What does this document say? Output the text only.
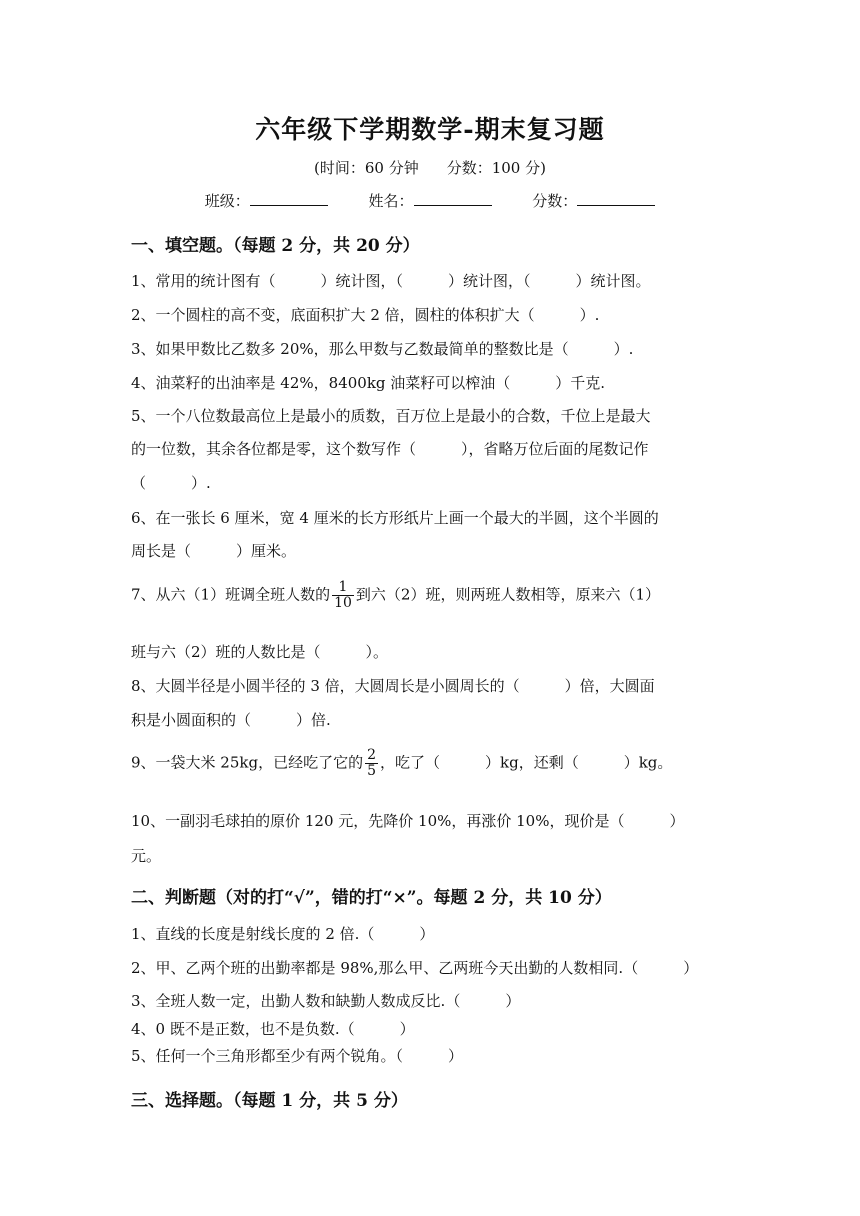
六年级下学期数学-期末复习题
(时间：60 分钟 分数：100 分)
班级：	姓名：	分数：
一、填空题。（每题 2 分，共 20 分）
1、常用的统计图有（　　　）统计图，（　　　）统计图，（　　　）统计图。
2、一个圆柱的高不变，底面积扩大 2 倍，圆柱的体积扩大（　　　）.
3、如果甲数比乙数多 20%，那么甲数与乙数最简单的整数比是（　　　）.
4、油菜籽的出油率是 42%，8400kg 油菜籽可以榨油（　　　）千克.
5、一个八位数最高位上是最小的质数，百万位上是最小的合数，千位上是最大
的一位数，其余各位都是零，这个数写作（　　　），省略万位后面的尾数记作
（　　　）.
6、在一张长 6 厘米，宽 4 厘米的长方形纸片上画一个最大的半圆，这个半圆的
周长是（　　　）厘米。
7、从六（1）班调全班人数的 $\frac{1}{10}$ 到六（2）班，则两班人数相等，原来六（1）
班与六（2）班的人数比是（　　　）。
8、大圆半径是小圆半径的 3 倍，大圆周长是小圆周长的（　　　）倍，大圆面
积是小圆面积的（　　　）倍.
9、一袋大米 25kg，已经吃了它的 $\frac{2}{5}$ ，吃了（　　　）kg，还剩（　　　）kg。
10、一副羽毛球拍的原价 120 元，先降价 10%，再涨价 10%，现价是（　　　）
元。
二、判断题（对的打“√”，错的打“×”。每题 2 分，共 10 分）
1、直线的长度是射线长度的 2 倍.（　　　）
2、甲、乙两个班的出勤率都是 98%,那么甲、乙两班今天出勤的人数相同.（　　　）
3、全班人数一定，出勤人数和缺勤人数成反比.（　　　）
4、0 既不是正数，也不是负数.（　　　）
5、任何一个三角形都至少有两个锐角。（　　　）
三、选择题。（每题 1 分，共 5 分）
